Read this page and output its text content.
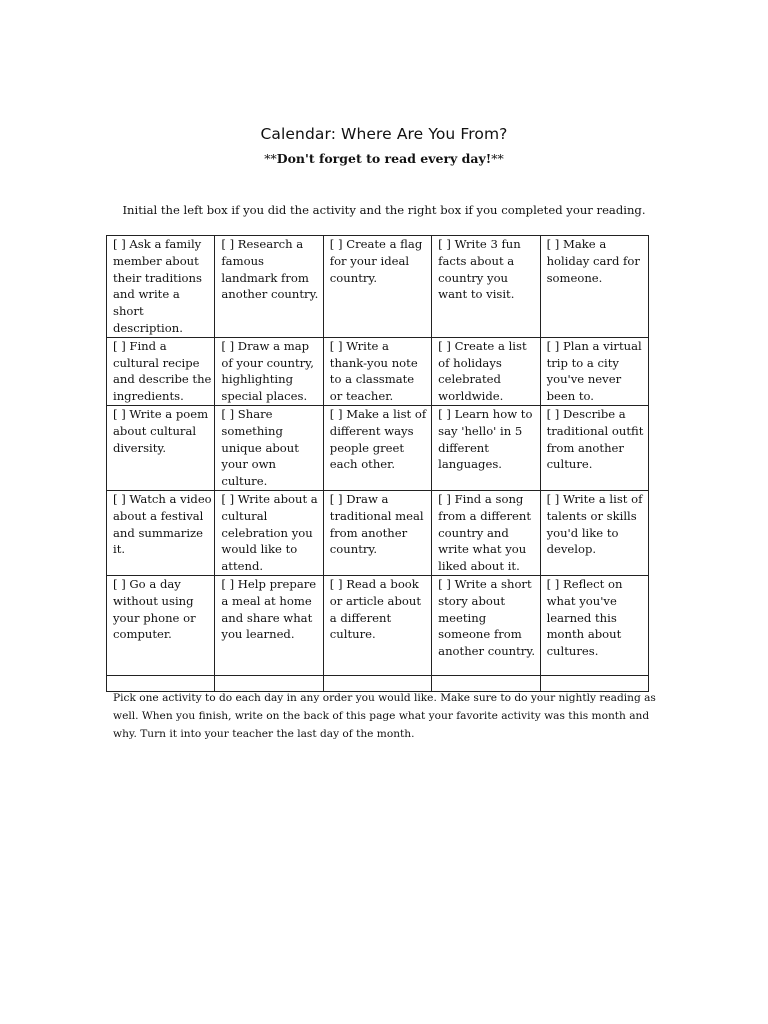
Calendar: Where Are You From?
**Don't forget to read every day!**
Initial the left box if you did the activity and the right box if you completed your reading.
[ ] Ask a family member about their traditions and write a short description.	[ ] Research a famous landmark from another country.	[ ] Create a flag for your ideal country.	[ ] Write 3 fun facts about a country you want to visit.	[ ] Make a holiday card for someone.
[ ] Find a cultural recipe and describe the ingredients.	[ ] Draw a map of your country, highlighting special places.	[ ] Write a thank-you note to a classmate or teacher.	[ ] Create a list of holidays celebrated worldwide.	[ ] Plan a virtual trip to a city you've never been to.
[ ] Write a poem about cultural diversity.	[ ] Share something unique about your own culture.	[ ] Make a list of different ways people greet each other.	[ ] Learn how to say 'hello' in 5 different languages.	[ ] Describe a traditional outfit from another culture.
[ ] Watch a video about a festival and summarize it.	[ ] Write about a cultural celebration you would like to attend.	[ ] Draw a traditional meal from another country.	[ ] Find a song from a different country and write what you liked about it.	[ ] Write a list of talents or skills you'd like to develop.
[ ] Go a day without using your phone or computer.	[ ] Help prepare a meal at home and share what you learned.	[ ] Read a book or article about a different culture.	[ ] Write a short story about meeting someone from another country.	[ ] Reflect on what you've learned this month about cultures.

Pick one activity to do each day in any order you would like. Make sure to do your nightly reading as well. When you finish, write on the back of this page what your favorite activity was this month and why. Turn it into your teacher the last day of the month.
